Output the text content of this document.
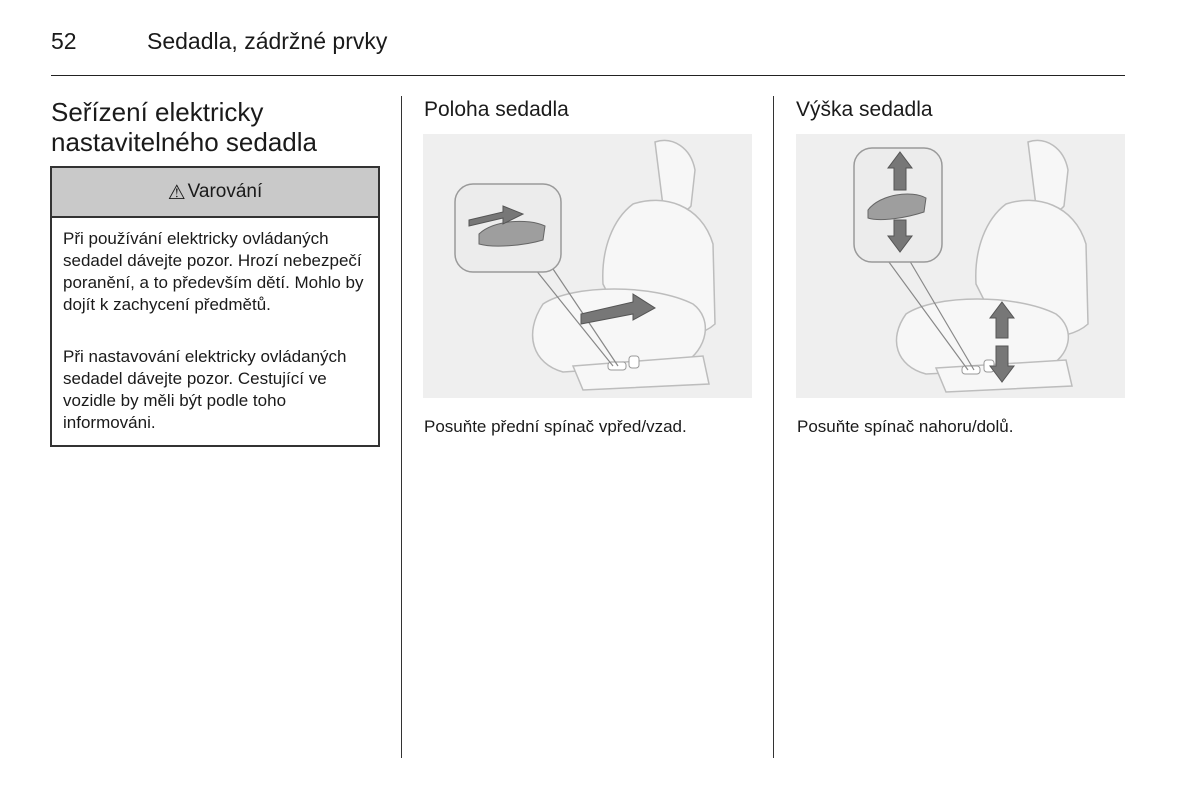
52	Sedadla, zádržné prvky
Seřízení elektricky nastavitelného sedadla
⚠ Varování

Při používání elektricky ovládaných sedadel dávejte pozor. Hrozí nebezpečí poranění, a to především dětí. Mohlo by dojít k zachycení předmětů.

Při nastavování elektricky ovládaných sedadel dávejte pozor. Cestující ve vozidle by měli být podle toho informováni.

Poloha sedadla
Posuňte přední spínač vpřed/vzad.
Výška sedadla
Posuňte spínač nahoru/dolů.
